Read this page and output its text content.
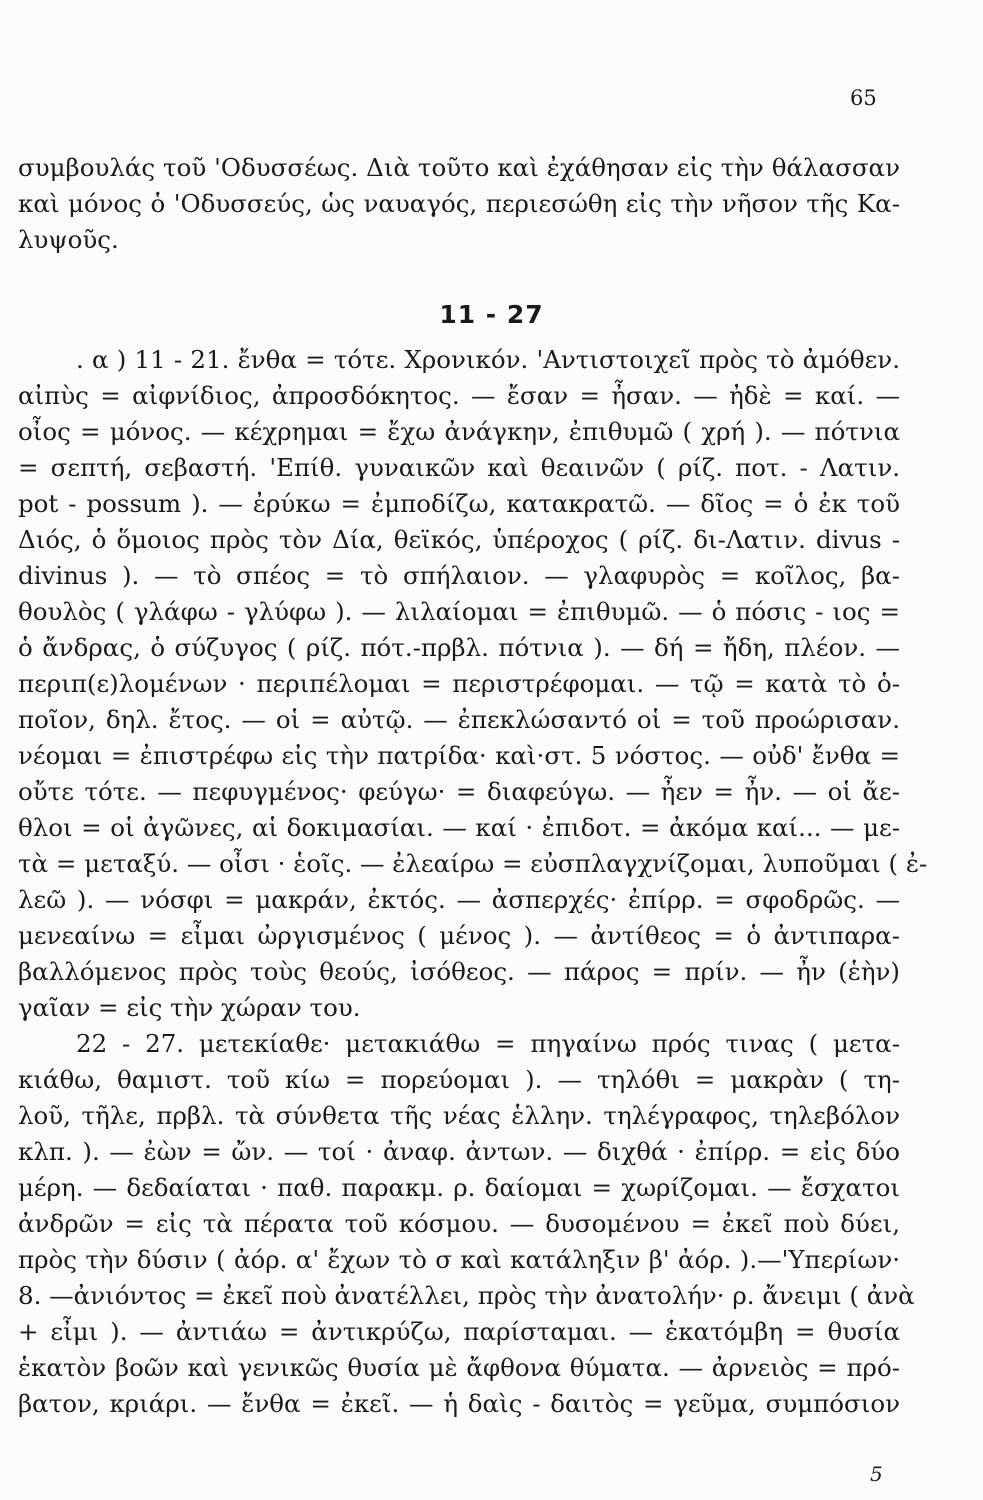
65
συμβουλάς τοῦ 'Οδυσσέως. Διὰ τοῦτο καὶ ἐχάθησαν εἰς τὴν θάλασσαν
καὶ μόνος ὁ 'Οδυσσεύς, ὡς ναυαγός, περιεσώθη εἰς τὴν νῆσον τῆς Κα-
λυψοῦς.
. α ) 11 - 21. ἔνθα = τότε. Χρονικόν. 'Αντιστοιχεῖ πρὸς τὸ ἀμόθεν.
αἰπὺς = αἰφνίδιος, ἀπροσδόκητος. — ἔσαν = ἦσαν. — ἠδὲ = καί. —
οἶος = μόνος. — κέχρημαι = ἔχω ἀνάγκην, ἐπιθυμῶ ( χρή ). — πότνια
= σεπτή, σεβαστή. 'Επίθ. γυναικῶν καὶ θεαινῶν ( ρίζ. ποτ. - Λατιν.
pot - possum ). — ἐρύκω = ἐμποδίζω, κατακρατῶ. — δῖος = ὁ ἐκ τοῦ
Διός, ὁ ὅμοιος πρὸς τὸν Δία, θεϊκός, ὑπέροχος ( ρίζ. δι-Λατιν. divus -
divinus ). — τὸ σπέος = τὸ σπήλαιον. — γλαφυρὸς = κοῖλος, βα-
θουλὸς ( γλάφω - γλύφω ). — λιλαίομαι = ἐπιθυμῶ. — ὁ πόσις - ιος =
ὁ ἄνδρας, ὁ σύζυγος ( ρίζ. πότ.-πρβλ. πότνια ). — δή = ἤδη, πλέον. —
περιπ(ε)λομένων · περιπέλομαι = περιστρέφομαι. — τῷ = κατὰ τὸ ὁ-
ποῖον, δηλ. ἔτος. — οἱ = αὐτῷ. — ἐπεκλώσαντό οἱ = τοῦ προώρισαν.
νέομαι = ἐπιστρέφω εἰς τὴν πατρίδα· καὶ·στ. 5 νόστος. — οὐδ' ἔνθα =
οὔτε τότε. — πεφυγμένος· φεύγω· = διαφεύγω. — ἦεν = ἦν. — οἱ ἄε-
θλοι = οἱ ἀγῶνες, αἱ δοκιμασίαι. — καί · ἐπιδοτ. = ἀκόμα καί... — με-
τὰ = μεταξύ. — οἶσι · ἑοῖς. — ἐλεαίρω = εὐσπλαγχνίζομαι, λυποῦμαι ( ἐ-
λεῶ ). — νόσφι = μακράν, ἐκτός. — ἀσπερχές· ἐπίρρ. = σφοδρῶς. —
μενεαίνω = εἶμαι ὠργισμένος ( μένος ). — ἀντίθεος = ὁ ἀντιπαρα-
βαλλόμενος πρὸς τοὺς θεούς, ἰσόθεος. — πάρος = πρίν. — ἦν (ἑὴν)
γαῖαν = εἰς τὴν χώραν του.
22 - 27. μετεκίαθε· μετακιάθω = πηγαίνω πρός τινας ( μετα-
κιάθω, θαμιστ. τοῦ κίω = πορεύομαι ). — τηλόθι = μακρὰν ( τη-
λοῦ, τῆλε, πρβλ. τὰ σύνθετα τῆς νέας ἑλλην. τηλέγραφος, τηλεβόλον
κλπ. ). — ἐὼν = ὤν. — τοί · ἀναφ. ἀντων. — διχθά · ἐπίρρ. = εἰς δύο
μέρη. — δεδαίαται · παθ. παρακμ. ρ. δαίομαι = χωρίζομαι. — ἔσχατοι
ἀνδρῶν = εἰς τὰ πέρατα τοῦ κόσμου. — δυσομένου = ἐκεῖ ποὺ δύει,
πρὸς τὴν δύσιν ( ἀόρ. α' ἔχων τὸ σ καὶ κατάληξιν β' ἀόρ. ).—'Υπερίων·
8. —ἀνιόντος = ἐκεῖ ποὺ ἀνατέλλει, πρὸς τὴν ἀνατολήν· ρ. ἄνειμι ( ἀνὰ
+ εἶμι ). — ἀντιάω = ἀντικρύζω, παρίσταμαι. — ἑκατόμβη = θυσία
ἑκατὸν βοῶν καὶ γενικῶς θυσία μὲ ἄφθονα θύματα. — ἀρνειὸς = πρό-
βατον, κριάρι. — ἔνθα = ἐκεῖ. — ἡ δαὶς - δαιτὸς = γεῦμα, συμπόσιον
11 - 27
5
